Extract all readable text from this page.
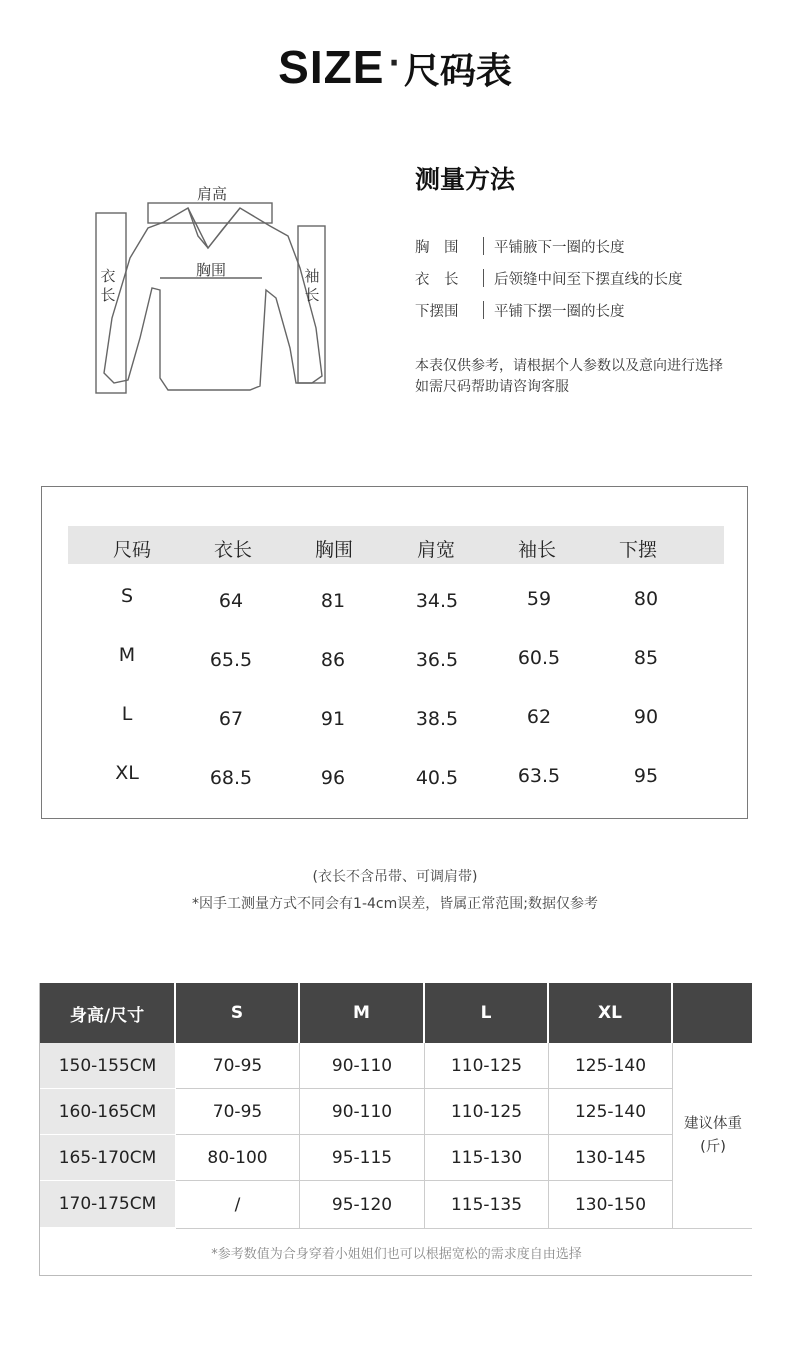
SIZE · 尺码表
肩高
胸围
衣
长
袖
长
测量方法
胸　围	平铺腋下一圈的长度
衣　长	后领缝中间至下摆直线的长度
下摆围	平铺下摆一圈的长度
本表仅供参考，请根据个人参数以及意向进行选择
如需尺码帮助请咨询客服
尺码	衣长	胸围	肩宽	袖长	下摆
S	64	81	34.5	59	80
M	65.5	86	36.5	60.5	85
L	67	91	38.5	62	90
XL	68.5	96	40.5	63.5	95
(衣长不含吊带、可调肩带)
*因手工测量方式不同会有1-4cm误差，皆属正常范围;数据仅参考
身高/尺寸	S	M	L	XL
150-155CM	70-95	90-110	110-125	125-140
160-165CM	70-95	90-110	110-125	125-140
165-170CM	80-100	95-115	115-130	130-145
170-175CM	/	95-120	115-135	130-150
建议体重
(斤)
*参考数值为合身穿着小姐姐们也可以根据宽松的需求度自由选择
